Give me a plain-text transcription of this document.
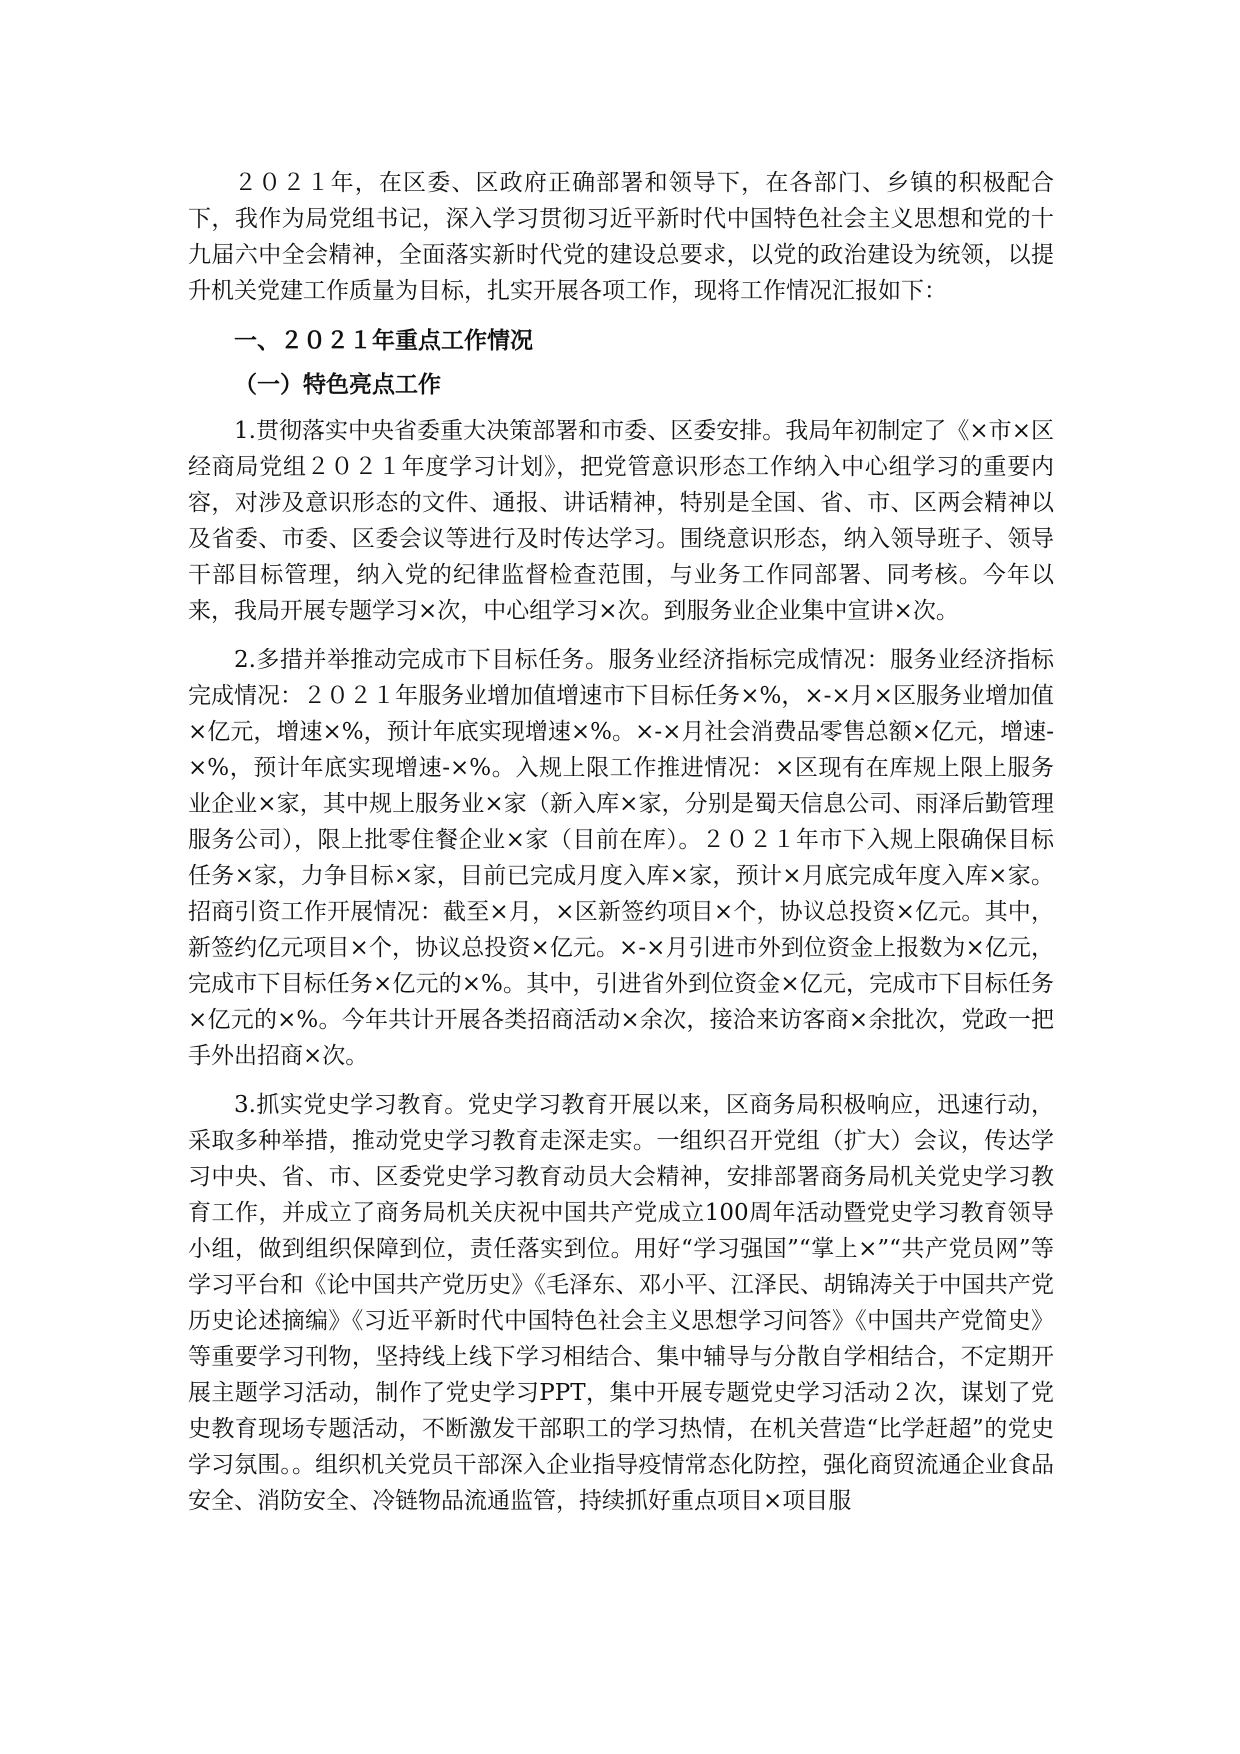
２０２１年，在区委、区政府正确部署和领导下，在各部门、乡镇的积极配合下，我作为局党组书记，深入学习贯彻习近平新时代中国特色社会主义思想和党的十九届六中全会精神，全面落实新时代党的建设总要求，以党的政治建设为统领，以提升机关党建工作质量为目标，扎实开展各项工作，现将工作情况汇报如下：

一、２０２１年重点工作情况

（一）特色亮点工作

1.贯彻落实中央省委重大决策部署和市委、区委安排。我局年初制定了《×市×区经商局党组２０２１年度学习计划》，把党管意识形态工作纳入中心组学习的重要内容，对涉及意识形态的文件、通报、讲话精神，特别是全国、省、市、区两会精神以及省委、市委、区委会议等进行及时传达学习。围绕意识形态，纳入领导班子、领导干部目标管理，纳入党的纪律监督检查范围，与业务工作同部署、同考核。今年以来，我局开展专题学习×次，中心组学习×次。到服务业企业集中宣讲×次。

2.多措并举推动完成市下目标任务。服务业经济指标完成情况：服务业经济指标完成情况：２０２１年服务业增加值增速市下目标任务×%，×-×月×区服务业增加值×亿元，增速×%，预计年底实现增速×%。×-×月社会消费品零售总额×亿元，增速-×%，预计年底实现增速-×%。入规上限工作推进情况：×区现有在库规上限上服务业企业×家，其中规上服务业×家（新入库×家，分别是蜀天信息公司、雨泽后勤管理服务公司），限上批零住餐企业×家（目前在库）。２０２１年市下入规上限确保目标任务×家，力争目标×家，目前已完成月度入库×家，预计×月底完成年度入库×家。招商引资工作开展情况：截至×月，×区新签约项目×个，协议总投资×亿元。其中，新签约亿元项目×个，协议总投资×亿元。×-×月引进市外到位资金上报数为×亿元，完成市下目标任务×亿元的×%。其中，引进省外到位资金×亿元，完成市下目标任务×亿元的×%。今年共计开展各类招商活动×余次，接洽来访客商×余批次，党政一把手外出招商×次。

3.抓实党史学习教育。党史学习教育开展以来，区商务局积极响应，迅速行动，采取多种举措，推动党史学习教育走深走实。一组织召开党组（扩大）会议，传达学习中央、省、市、区委党史学习教育动员大会精神，安排部署商务局机关党史学习教育工作，并成立了商务局机关庆祝中国共产党成立100周年活动暨党史学习教育领导小组，做到组织保障到位，责任落实到位。用好“学习强国”“掌上×”“共产党员网”等学习平台和《论中国共产党历史》《毛泽东、邓小平、江泽民、胡锦涛关于中国共产党历史论述摘编》《习近平新时代中国特色社会主义思想学习问答》《中国共产党简史》等重要学习刊物，坚持线上线下学习相结合、集中辅导与分散自学相结合，不定期开展主题学习活动，制作了党史学习PPT，集中开展专题党史学习活动２次，谋划了党史教育现场专题活动，不断激发干部职工的学习热情，在机关营造“比学赶超”的党史学习氛围。。组织机关党员干部深入企业指导疫情常态化防控，强化商贸流通企业食品安全、消防安全、冷链物品流通监管，持续抓好重点项目×项目服
